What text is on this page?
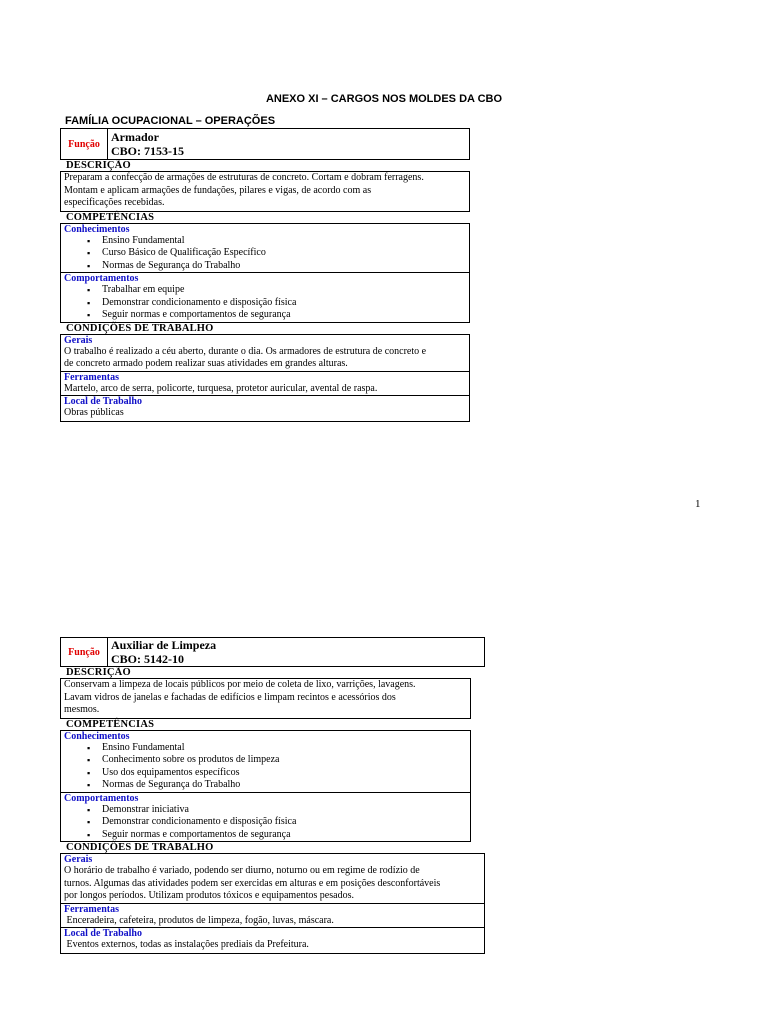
ANEXO XI – CARGOS NOS MOLDES DA CBO
FAMÍLIA OCUPACIONAL – OPERAÇÕES
1
Função	Armador
CBO: 7153-15
DESCRIÇÃO
Preparam a confecção de armações de estruturas de concreto. Cortam e dobram ferragens.
Montam e aplicam armações de fundações, pilares e vigas, de acordo com as
especificações recebidas.
COMPETÊNCIAS
Conhecimentos
▪ Ensino Fundamental
▪ Curso Básico de Qualificação Específico
▪ Normas de Segurança do Trabalho
Comportamentos
▪ Trabalhar em equipe
▪ Demonstrar condicionamento e disposição física
▪ Seguir normas e comportamentos de segurança
CONDIÇÕES DE TRABALHO
Gerais
O trabalho é realizado a céu aberto, durante o dia. Os armadores de estrutura de concreto e
de concreto armado podem realizar suas atividades em grandes alturas.
Ferramentas
Martelo, arco de serra, policorte, turquesa, protetor auricular, avental de raspa.
Local de Trabalho
Obras públicas
Função	Auxiliar de Limpeza
CBO: 5142-10
DESCRIÇÃO
Conservam a limpeza de locais públicos por meio de coleta de lixo, varrições, lavagens.
Lavam vidros de janelas e fachadas de edifícios e limpam recintos e acessórios dos
mesmos.
COMPETÊNCIAS
Conhecimentos
▪ Ensino Fundamental
▪ Conhecimento sobre os produtos de limpeza
▪ Uso dos equipamentos específicos
▪ Normas de Segurança do Trabalho
Comportamentos
▪ Demonstrar iniciativa
▪ Demonstrar condicionamento e disposição física
▪ Seguir normas e comportamentos de segurança
CONDIÇÕES DE TRABALHO
Gerais
O horário de trabalho é variado, podendo ser diurno, noturno ou em regime de rodízio de
turnos. Algumas das atividades podem ser exercidas em alturas e em posições desconfortáveis
por longos períodos. Utilizam produtos tóxicos e equipamentos pesados.
Ferramentas
Enceradeira, cafeteira, produtos de limpeza, fogão, luvas, máscara.
Local de Trabalho
Eventos externos, todas as instalações prediais da Prefeitura.
